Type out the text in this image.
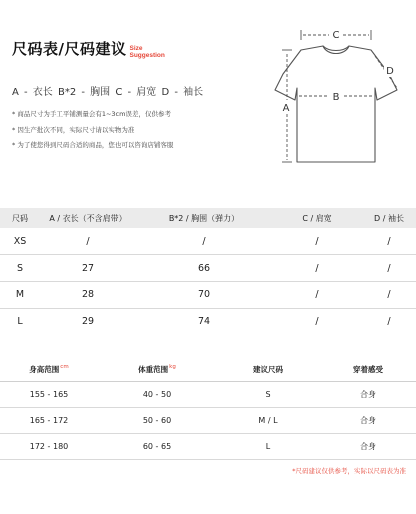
尺码表/尺码建议 Size
Suggestion
A - 衣长 B*2 - 胸围 C - 肩宽 D - 袖长
* 商品尺寸为手工平铺测量会有1~3cm误差，仅供参考
* 因生产批次不同，实际尺寸请以实物为准
* 为了使您得到尺码合适的商品，您也可以咨询店铺客服
C
A
B
D
尺码	A / 衣长（不含肩带）	B*2 / 胸围（弹力）	C / 肩宽	D / 袖长
XS	/	/	/	/
S	27	66	/	/
M	28	70	/	/
L	29	74	/	/
身高范围$^{cm}$	体重范围$^{kg}$	建议尺码	穿着感受
155 - 165	40 - 50	S	合身
165 - 172	50 - 60	M / L	合身
172 - 180	60 - 65	L	合身
*尺码建议仅供参考，实际以尺码表为准
